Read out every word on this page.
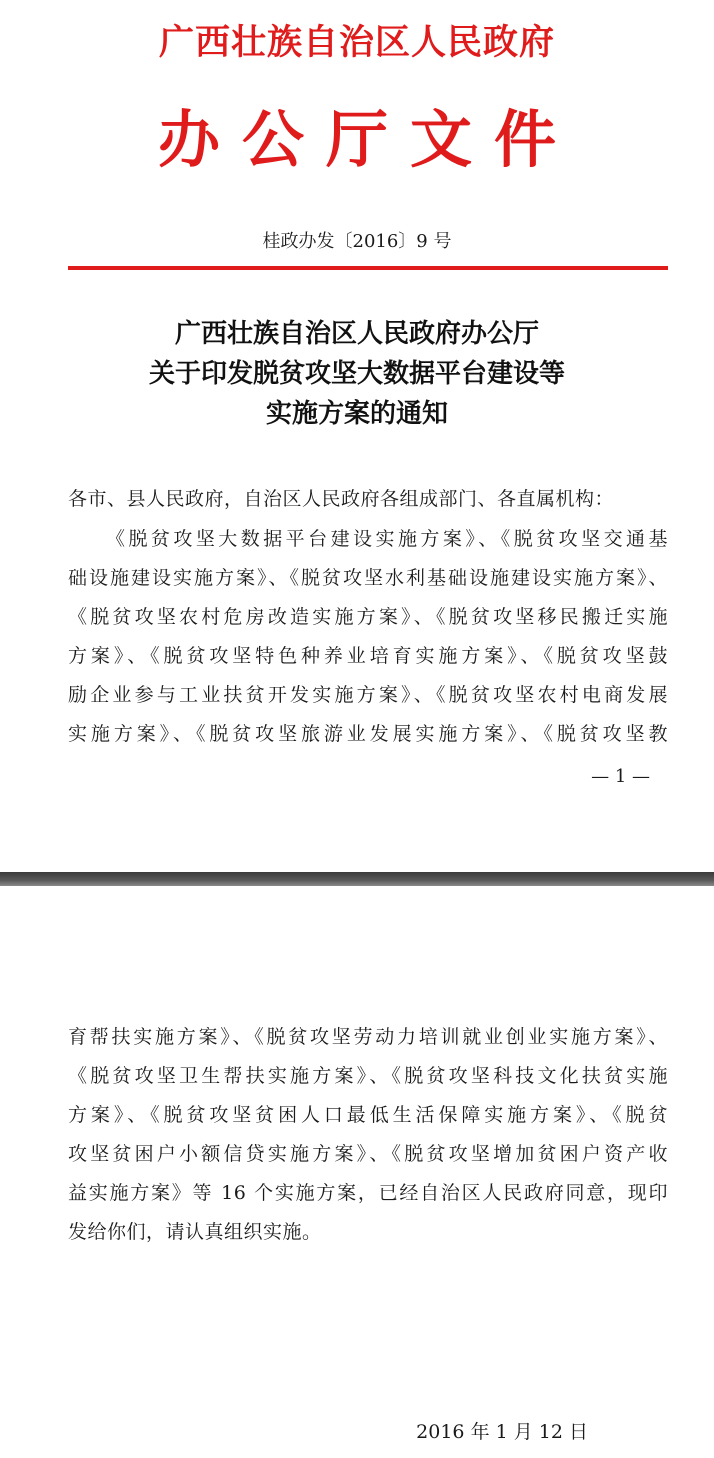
广西壮族自治区人民政府
办公厅文件
桂政办发〔2016〕9 号
广西壮族自治区人民政府办公厅
关于印发脱贫攻坚大数据平台建设等
实施方案的通知
各市、县人民政府，自治区人民政府各组成部门、各直属机构：
《脱贫攻坚大数据平台建设实施方案》、《脱贫攻坚交通基
础设施建设实施方案》、《脱贫攻坚水利基础设施建设实施方案》、
《脱贫攻坚农村危房改造实施方案》、《脱贫攻坚移民搬迁实施
方案》、《脱贫攻坚特色种养业培育实施方案》、《脱贫攻坚鼓
励企业参与工业扶贫开发实施方案》、《脱贫攻坚农村电商发展
实施方案》、《脱贫攻坚旅游业发展实施方案》、《脱贫攻坚教
— 1 —
育帮扶实施方案》、《脱贫攻坚劳动力培训就业创业实施方案》、
《脱贫攻坚卫生帮扶实施方案》、《脱贫攻坚科技文化扶贫实施
方案》、《脱贫攻坚贫困人口最低生活保障实施方案》、《脱贫
攻坚贫困户小额信贷实施方案》、《脱贫攻坚增加贫困户资产收
益实施方案》等 16 个实施方案，已经自治区人民政府同意，现印
发给你们，请认真组织实施。
2016 年 1 月 12 日
